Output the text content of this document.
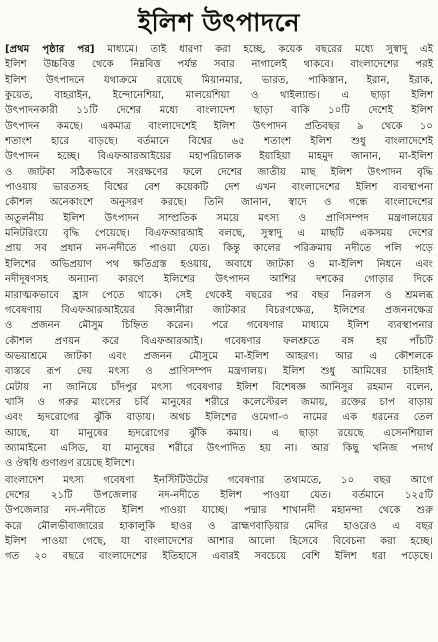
ইলিশ উৎপাদনে

[প্রথম পৃষ্ঠার পর] মাধ্যমে। তাই ধারণা করা হচ্ছে, কয়েক বছরের মধ্যে সুস্বাদু এই
ইলিশ উচ্চবিত্ত থেকে নিম্নবিত্ত পর্যন্ত সবার নাগালেই থাকবে। বাংলাদেশের পরই
ইলিশ উৎপাদনে যথাক্রমে রয়েছে মিয়ানমার, ভারত, পাকিস্তান, ইরান, ইরাক,
কুয়েত, বাহরাইন, ইন্দোনেশিয়া, মালয়েশিয়া ও থাইল্যান্ড। এ ছাড়া ইলিশ
উৎপাদনকারী ১১টি দেশের মধ্যে বাংলাদেশ ছাড়া বাকি ১০টি দেশেই ইলিশ
উৎপাদন কমছে। একমাত্র বাংলাদেশেই ইলিশ উৎপাদন প্রতিবছর ৯ থেকে ১০
শতাংশ হারে বাড়ছে। বর্তমানে বিশ্বের ৬৫ শতাংশ ইলিশ শুধু বাংলাদেশেই
উৎপাদন হচ্ছে। বিএফআরআইয়ের মহাপরিচালক ইয়াহিয়া মাহমুদ জানান, মা-ইলিশ
ও জাটকা সঠিকভাবে সংরক্ষণের ফলে দেশের জাতীয় মাছ ইলিশ উৎপাদন বৃদ্ধি
পাওয়ায় ভারতসহ বিশ্বের বেশ কয়েকটি দেশ এখন বাংলাদেশের ইলিশ ব্যবস্থাপনা
কৌশল অনেকাংশে অনুসরণ করছে। তিনি জানান, স্বাদে ও গন্ধে বাংলাদেশের
অতুলনীয় ইলিশ উৎপাদন সাম্প্রতিক সময়ে মৎস্য ও প্রাণিসম্পদ মন্ত্রণালয়ের
মনিটরিংয়ে বৃদ্ধি পেয়েছে। বিএফআরআই বলছে, সুস্বাদু এ মাছটি একসময় দেশের
প্রায় সব প্রধান নদ-নদীতে পাওয়া যেত। কিন্তু কালের পরিক্রমায় নদীতে পলি পড়ে
ইলিশের অভিপ্রয়াণ পথ ক্ষতিগ্রস্ত হওয়ায়, অবাধে জাটকা ও মা-ইলিশ নিধনে এবং
নদীদূষণসহ অন্যান্য কারণে ইলিশের উৎপাদন আশির দশকের গোড়ার দিকে
মারাত্মকভাবে হ্রাস পেতে থাকে। সেই থেকেই বছরের পর বছর নিরলস ও শ্রমলব্ধ
গবেষণায় বিএফআরআইয়ের বিজ্ঞানীরা জাটকার বিচরণক্ষেত্র, ইলিশের প্রজননক্ষেত্র
ও প্রজনন মৌসুম চিহ্নিত করেন। পরে গবেষণার মাধ্যমে ইলিশ ব্যবস্থাপনার
কৌশল প্রণয়ন করে বিএফআরআই। গবেষণার ফলশ্রুতে বঙ্গ হয় পাঁচটি
অভয়াশ্রমে জাটকা এবং প্রজনন মৌসুমে মা-ইলিশ আহরণ। আর এ কৌশলকে
বাস্তবে রূপ দেয় মৎস্য ও প্রাণিসম্পদ মন্ত্রণালয়। ইলিশ শুধু আমিষের চাহিদাই
মেটায় না জানিয়ে চাঁদপুর মৎস্য গবেষণার ইলিশ বিশেষজ্ঞ আনিসুর রহমান বলেন,
খাসি ও গরুর মাংসের চর্বি মানুষের শরীরে কলেস্টেরল জমায়, রক্তের চাপ বাড়ায়
এবং হৃদরোগের ঝুঁকি বাড়ায়। অথচ ইলিশের ওমেগা-৩ নামের এক ধরনের তেল
আছে, যা মানুষের হৃদরোগের ঝুঁকি কমায়। এ ছাড়া রয়েছে এসেনশিয়াল
অ্যামাইনো এসিড, যা মানুষের শরীরে উৎপাদিত হয় না। আর কিছু খনিজ পদার্থ
ও ঔষধি গুণাগুণ রয়েছে ইলিশে।

বাংলাদেশ মৎস্য গবেষণা ইনস্টিটিউটের গবেষণার তথ্যমতে, ১০ বছর আগে
দেশের ২১টি উপজেলার নদ-নদীতে ইলিশ পাওয়া যেত। বর্তমানে ১২৫টি
উপজেলার নদ-নদীতে ইলিশ পাওয়া যাচ্ছে। পদ্মার শাখানদী মহানন্দা থেকে শুরু
করে মৌলভীবাজারের হাকালুকি হাওর ও ব্রাহ্মণবাড়িয়ার মেদির হাওরেও এ বছর
ইলিশ পাওয়া গেছে, যা বাংলাদেশের আশার আলো হিসেবে বিবেচনা করা হচ্ছে।
গত ২০ বছরে বাংলাদেশের ইতিহাসে এবারই সবচেয়ে বেশি ইলিশ ধরা পড়েছে।
